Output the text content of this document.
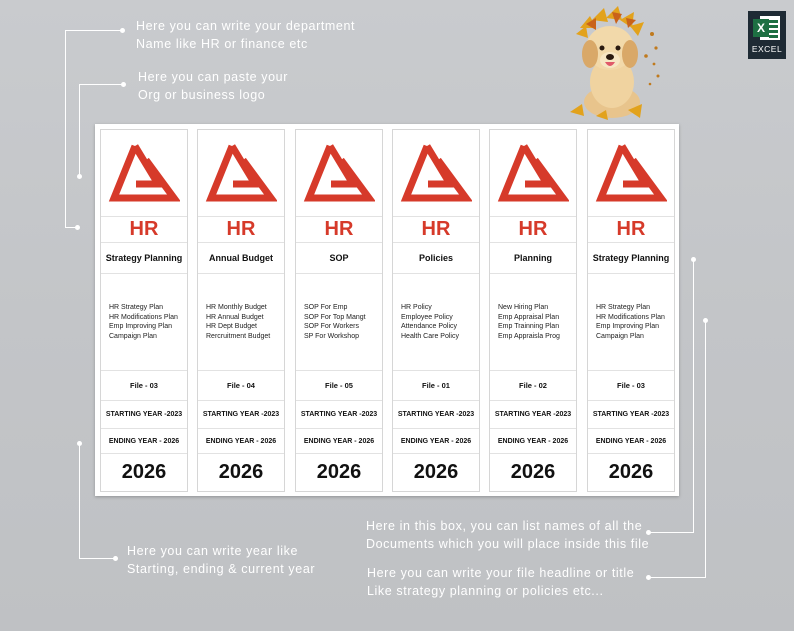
Here you can write your department
Name like HR or finance etc
Here you can paste your
Org or business logo
Here in this box, you can list names of all the
Documents which you will place inside this file
Here you can write your file headline or title
Like strategy planning or policies etc...
Here you can write year like
Starting, ending & current year
X
EXCEL
HR
Strategy Planning
HR Strategy Plan
HR Modifications Plan
Emp Improving Plan
Campaign Plan
File - 03
STARTING YEAR -2023
ENDING YEAR - 2026
2026
HR
Annual Budget
HR Monthly Budget
HR Annual Budget
HR Dept Budget
Rercruitment Budget
File - 04
STARTING YEAR -2023
ENDING YEAR - 2026
2026
HR
SOP
SOP For Emp
SOP For Top Mangt
SOP For Workers
SP For Workshop
File - 05
STARTING YEAR -2023
ENDING YEAR - 2026
2026
HR
Policies
HR Policy
Employee Policy
Attendance Policy
Health Care Policy
File - 01
STARTING YEAR -2023
ENDING YEAR - 2026
2026
HR
Planning
New Hiring Plan
Emp Appraisal Plan
Emp Trainning Plan
Emp Appraisla Prog
File - 02
STARTING YEAR -2023
ENDING YEAR - 2026
2026
HR
Strategy Planning
HR Strategy Plan
HR Modifications Plan
Emp Improving Plan
Campaign Plan
File - 03
STARTING YEAR -2023
ENDING YEAR - 2026
2026
